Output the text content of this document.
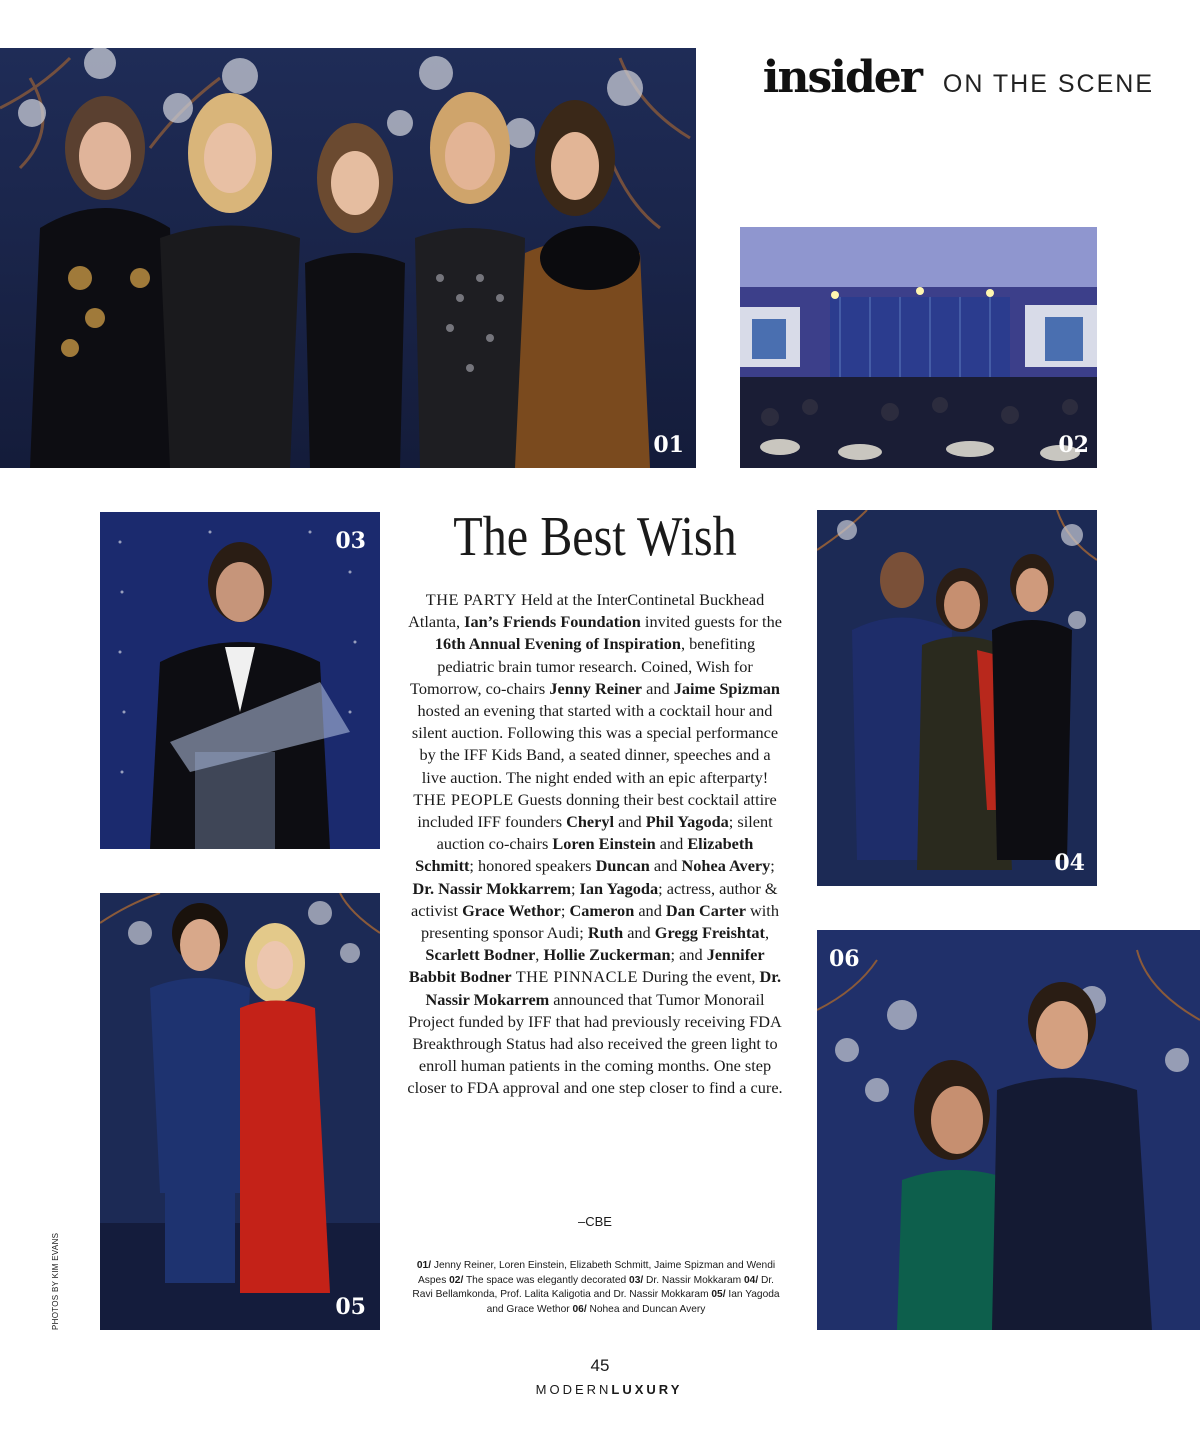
insider ON THE SCENE
01	02
03
04
05
06
The Best Wish
THE PARTY Held at the InterContinetal Buckhead Atlanta, Ian’s Friends Foundation invited guests for the 16th Annual Evening of Inspiration, benefiting pediatric brain tumor research. Coined, Wish for Tomorrow, co-chairs Jenny Reiner and Jaime Spizman hosted an evening that started with a cocktail hour and silent auction. Following this was a special performance by the IFF Kids Band, a seated dinner, speeches and a live auction. The night ended with an epic afterparty! THE PEOPLE Guests donning their best cocktail attire included IFF founders Cheryl and Phil Yagoda; silent auction co-chairs Loren Einstein and Elizabeth Schmitt; honored speakers Duncan and Nohea Avery; Dr. Nassir Mokkarrem; Ian Yagoda; actress, author & activist Grace Wethor; Cameron and Dan Carter with presenting sponsor Audi; Ruth and Gregg Freishtat, Scarlett Bodner, Hollie Zuckerman; and Jennifer Babbit Bodner THE PINNACLE During the event, Dr. Nassir Mokarrem announced that Tumor Monorail Project funded by IFF that had previously receiving FDA Breakthrough Status had also received the green light to enroll human patients in the coming months. One step closer to FDA approval and one step closer to find a cure.
–CBE
01/ Jenny Reiner, Loren Einstein, Elizabeth Schmitt, Jaime Spizman and Wendi Aspes 02/ The space was elegantly decorated 03/ Dr. Nassir Mokkaram 04/ Dr. Ravi Bellamkonda, Prof. Lalita Kaligotia and Dr. Nassir Mokkaram 05/ Ian Yagoda and Grace Wethor 06/ Nohea and Duncan Avery
PHOTOS BY KIM EVANS
45
MODERNLUXURY
